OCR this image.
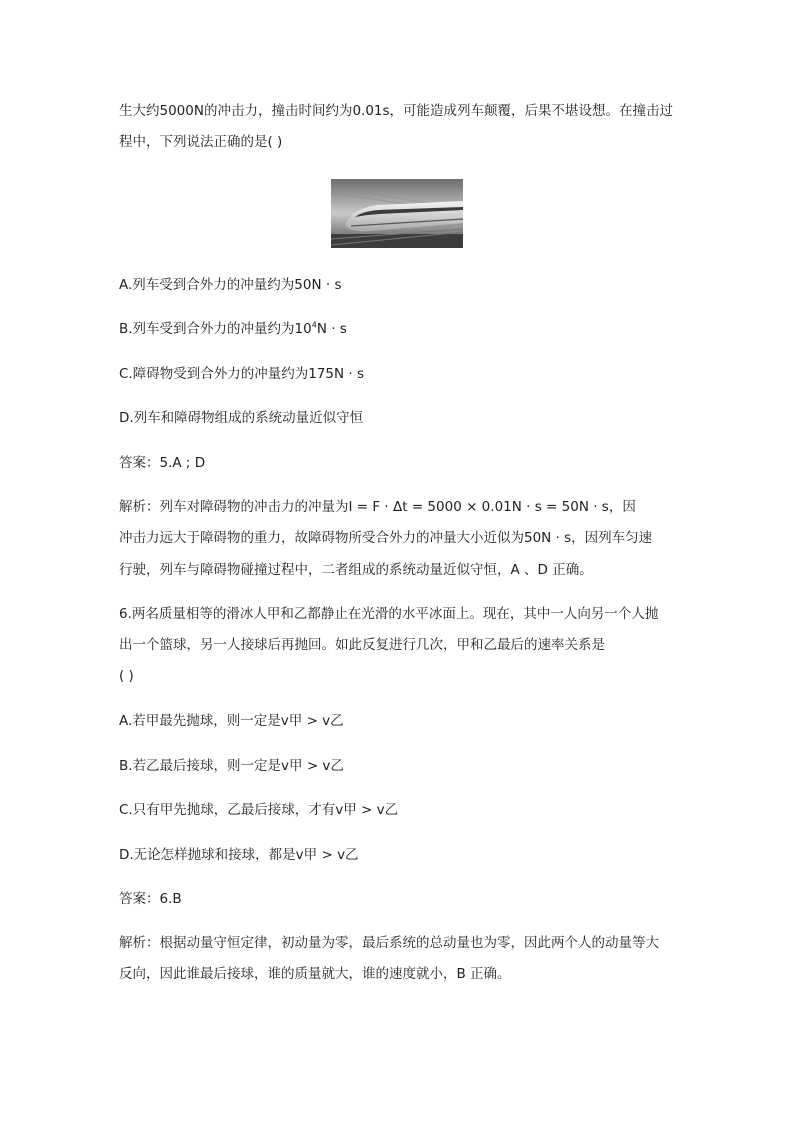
生大约5000N的冲击力，撞击时间约为0.01s，可能造成列车颠覆，后果不堪设想。在撞击过
程中，下列说法正确的是( )
A.列车受到合外力的冲量约为50N · s
B.列车受到合外力的冲量约为$10^4N \cdot s$
C.障碍物受到合外力的冲量约为175N · s
D.列车和障碍物组成的系统动量近似守恒
答案：5.A ; D
解析：列车对障碍物的冲击力的冲量为I = F · Δt = 5000 × 0.01N · s = 50N · s，因
冲击力远大于障碍物的重力，故障碍物所受合外力的冲量大小近似为50N · s，因列车匀速
行驶，列车与障碍物碰撞过程中，二者组成的系统动量近似守恒，A 、D 正确。
6.两名质量相等的滑冰人甲和乙都静止在光滑的水平冰面上。现在，其中一人向另一个人抛
出一个篮球，另一人接球后再抛回。如此反复进行几次，甲和乙最后的速率关系是
( )
A.若甲最先抛球，则一定是v甲 > v乙
B.若乙最后接球，则一定是v甲 > v乙
C.只有甲先抛球，乙最后接球，才有v甲 > v乙
D.无论怎样抛球和接球，都是v甲 > v乙
答案：6.B
解析：根据动量守恒定律，初动量为零，最后系统的总动量也为零，因此两个人的动量等大
反向，因此谁最后接球，谁的质量就大，谁的速度就小，B 正确。
